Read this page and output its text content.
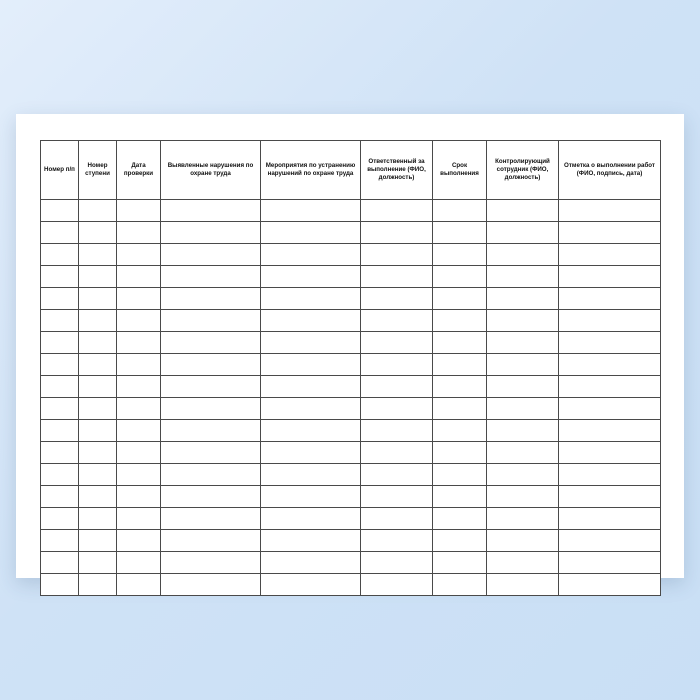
Номер п/п	Номер ступени	Дата проверки	Выявленные нарушения по охране труда	Мероприятия по устранению нарушений по охране труда	Ответственный за выполнение (ФИО, должность)	Срок выполнения	Контролирующий сотрудник (ФИО, должность)	Отметка о выполнении работ (ФИО, подпись, дата)
